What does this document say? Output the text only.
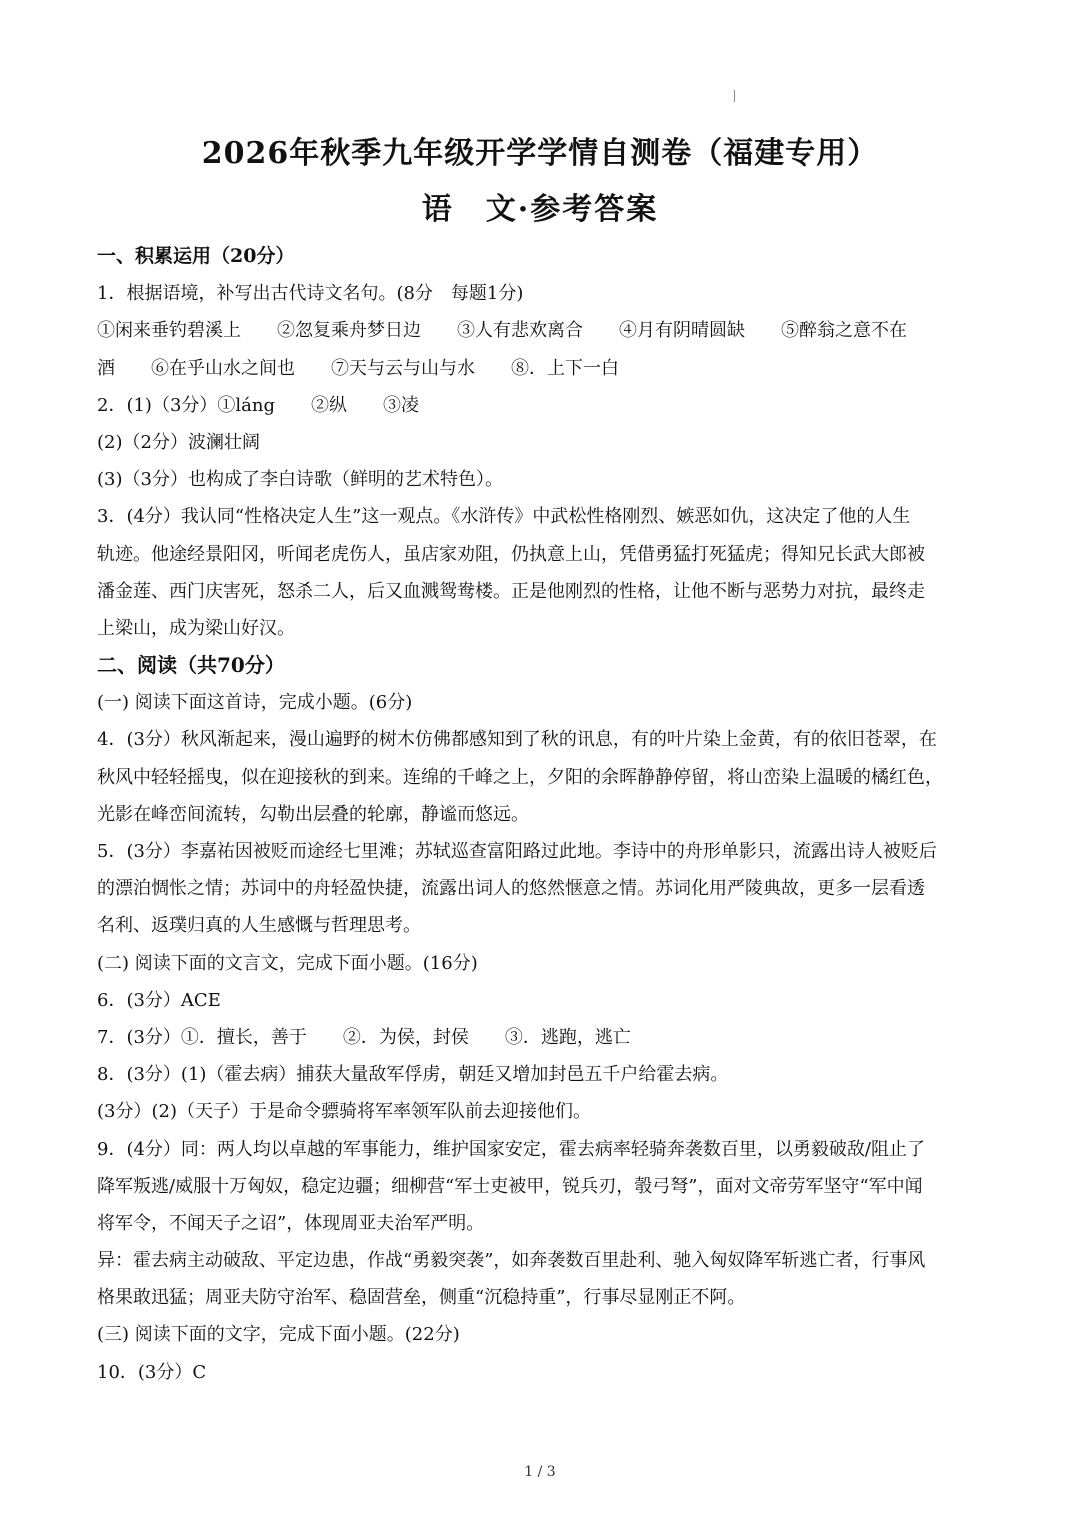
2026年秋季九年级开学学情自测卷（福建专用）
语　文·参考答案
一、积累运用（20分）
1．根据语境，补写出古代诗文名句。(8分　每题1分)
①闲来垂钓碧溪上　　②忽复乘舟梦日边　　③人有悲欢离合　　④月有阴晴圆缺　　⑤醉翁之意不在
酒　　⑥在乎山水之间也　　⑦天与云与山与水　　⑧．上下一白
2．(1)（3分）①láng　　②纵　　③凌
(2)（2分）波澜壮阔
(3)（3分）也构成了李白诗歌（鲜明的艺术特色）。
3．(4分）我认同“性格决定人生”这一观点。《水浒传》中武松性格刚烈、嫉恶如仇，这决定了他的人生
轨迹。他途经景阳冈，听闻老虎伤人，虽店家劝阻，仍执意上山，凭借勇猛打死猛虎；得知兄长武大郎被
潘金莲、西门庆害死，怒杀二人，后又血溅鸳鸯楼。正是他刚烈的性格，让他不断与恶势力对抗，最终走
上梁山，成为梁山好汉。
二、阅读（共70分）
(一) 阅读下面这首诗，完成小题。(6分)
4．(3分）秋风渐起来，漫山遍野的树木仿佛都感知到了秋的讯息，有的叶片染上金黄，有的依旧苍翠，在
秋风中轻轻摇曳，似在迎接秋的到来。连绵的千峰之上，夕阳的余晖静静停留，将山峦染上温暖的橘红色，
光影在峰峦间流转，勾勒出层叠的轮廓，静谧而悠远。
5．(3分）李嘉祐因被贬而途经七里滩；苏轼巡查富阳路过此地。李诗中的舟形单影只，流露出诗人被贬后
的漂泊惆怅之情；苏词中的舟轻盈快捷，流露出词人的悠然惬意之情。苏词化用严陵典故，更多一层看透
名利、返璞归真的人生感慨与哲理思考。
(二) 阅读下面的文言文，完成下面小题。(16分)
6．(3分）ACE
7．(3分）①．擅长，善于　　②．为侯，封侯　　③．逃跑，逃亡
8．(3分）(1)（霍去病）捕获大量敌军俘虏，朝廷又增加封邑五千户给霍去病。
(3分）(2)（天子）于是命令骠骑将军率领军队前去迎接他们。
9．(4分）同：两人均以卓越的军事能力，维护国家安定，霍去病率轻骑奔袭数百里，以勇毅破敌/阻止了
降军叛逃/威服十万匈奴，稳定边疆；细柳营“军士吏被甲，锐兵刃，彀弓弩”，面对文帝劳军坚守“军中闻
将军令，不闻天子之诏”，体现周亚夫治军严明。
异：霍去病主动破敌、平定边患，作战“勇毅突袭”，如奔袭数百里赴利、驰入匈奴降军斩逃亡者，行事风
格果敢迅猛；周亚夫防守治军、稳固营垒，侧重“沉稳持重”，行事尽显刚正不阿。
(三) 阅读下面的文字，完成下面小题。(22分)
10．(3分）C
1 / 3
